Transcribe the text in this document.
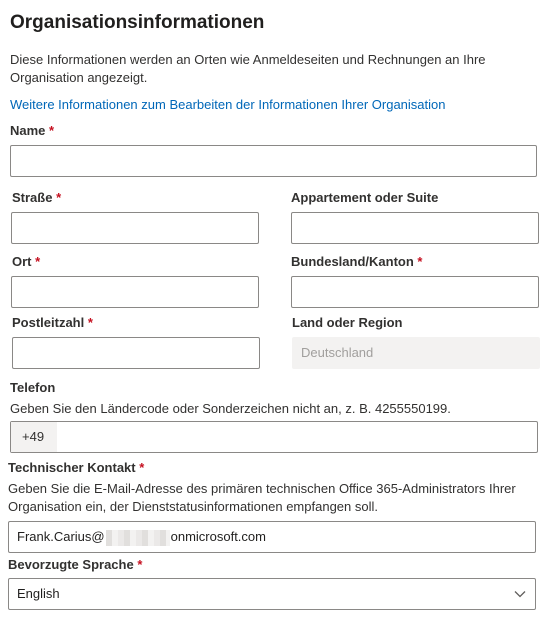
Organisationsinformationen
Diese Informationen werden an Orten wie Anmeldeseiten und Rechnungen an Ihre Organisation angezeigt.
Weitere Informationen zum Bearbeiten der Informationen Ihrer Organisation
Name *
Straße *	Appartement oder Suite
Ort *	Bundesland/Kanton *
Postleitzahl *	Land oder Region
Deutschland
Telefon
Geben Sie den Ländercode oder Sonderzeichen nicht an, z. B. 4255550199.
+49
Technischer Kontakt *
Geben Sie die E-Mail-Adresse des primären technischen Office 365-Administrators Ihrer Organisation ein, der Dienststatusinformationen empfangen soll.
Frank.Carius@	onmicrosoft.com
Bevorzugte Sprache *
English
